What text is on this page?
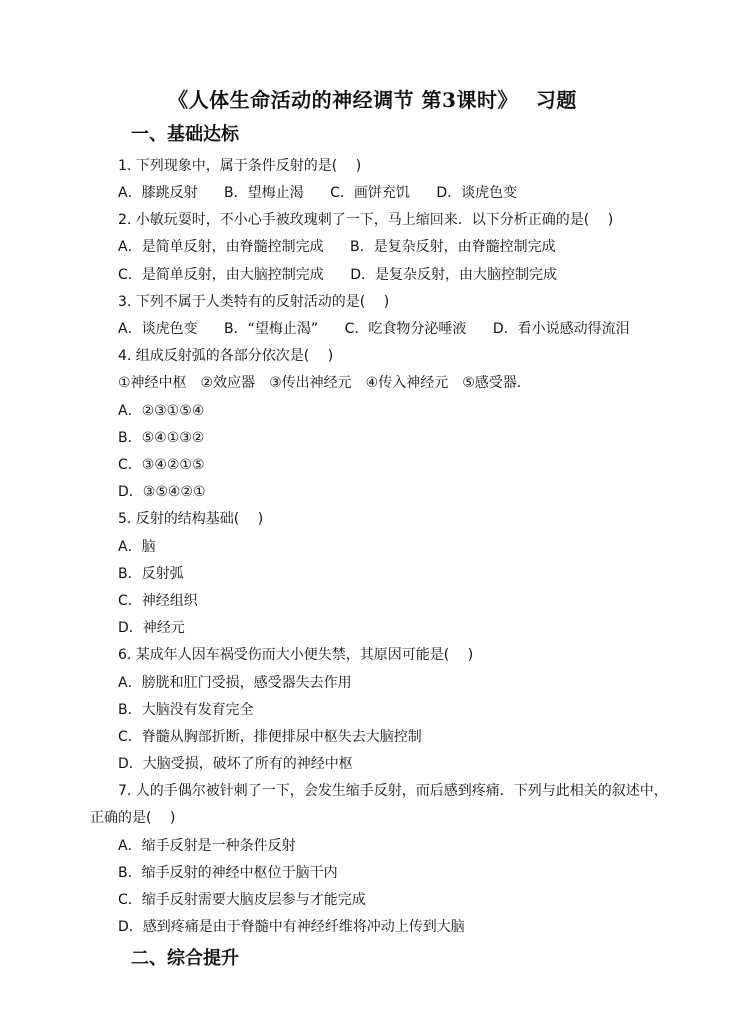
《人体生命活动的神经调节 第3课时》　 习题
一、基础达标
1. 下列现象中，属于条件反射的是(　 )
A．膝跳反射 B．望梅止渴 C．画饼充饥 D．谈虎色变
2. 小敏玩耍时，不小心手被玫瑰刺了一下，马上缩回来．以下分析正确的是(　 )
A．是简单反射，由脊髓控制完成 B．是复杂反射，由脊髓控制完成
C．是简单反射，由大脑控制完成 D．是复杂反射，由大脑控制完成
3. 下列不属于人类特有的反射活动的是(　 )
A．谈虎色变 B．“望梅止渴” C．吃食物分泌唾液 D．看小说感动得流泪
4. 组成反射弧的各部分依次是(　 )
①神经中枢　②效应器　③传出神经元　④传入神经元　⑤感受器．
A．②③①⑤④
B．⑤④①③②
C．③④②①⑤
D．③⑤④②①
5. 反射的结构基础(　 )
A．脑
B．反射弧
C．神经组织
D．神经元
6. 某成年人因车祸受伤而大小便失禁，其原因可能是(　 )
A．膀胱和肛门受损，感受器失去作用
B．大脑没有发育完全
C．脊髓从胸部折断，排便排尿中枢失去大脑控制
D．大脑受损，破坏了所有的神经中枢
7. 人的手偶尔被针刺了一下，会发生缩手反射，而后感到疼痛．下列与此相关的叙述中，
正确的是(　 )
A．缩手反射是一种条件反射
B．缩手反射的神经中枢位于脑干内
C．缩手反射需要大脑皮层参与才能完成
D．感到疼痛是由于脊髓中有神经纤维将冲动上传到大脑
二、综合提升
